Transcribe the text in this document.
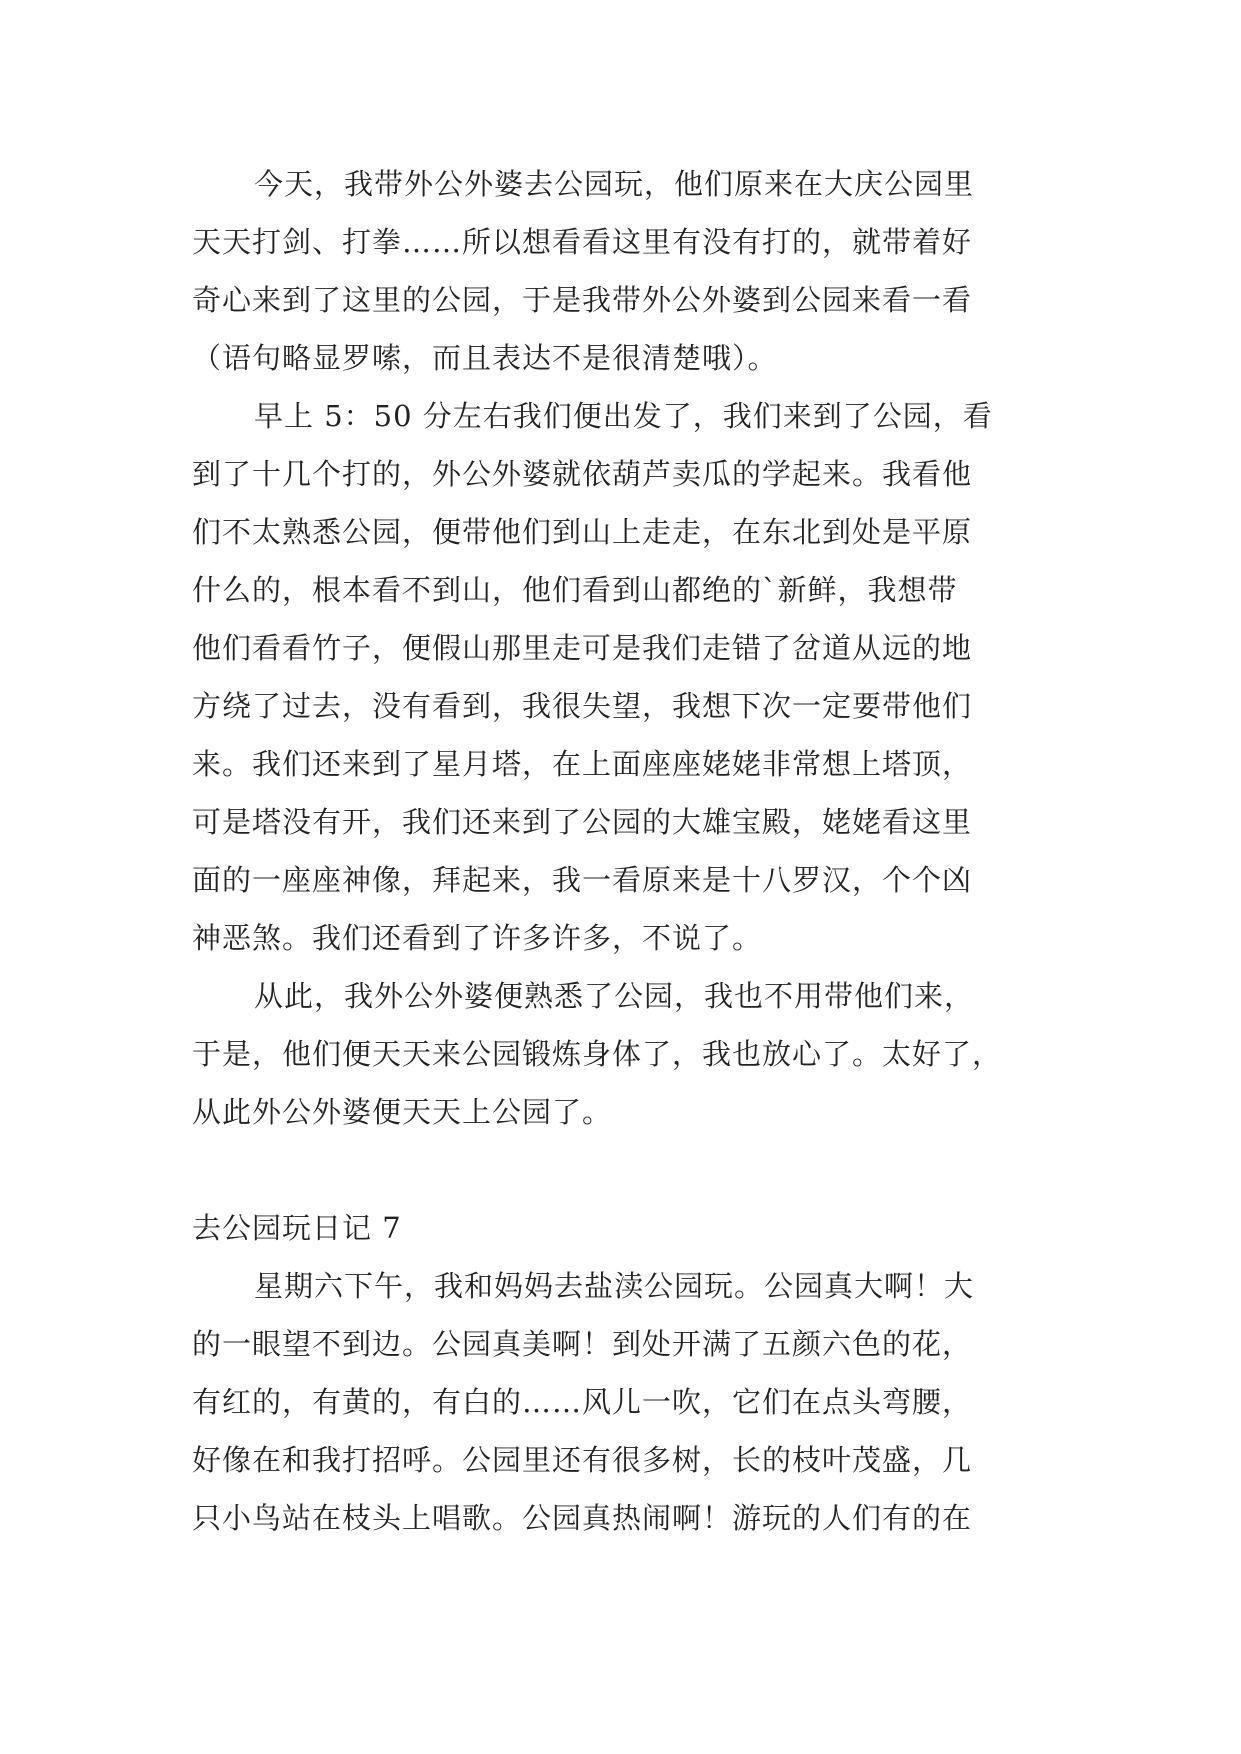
今天，我带外公外婆去公园玩，他们原来在大庆公园里
天天打剑、打拳……所以想看看这里有没有打的，就带着好
奇心来到了这里的公园，于是我带外公外婆到公园来看一看
（语句略显罗嗦，而且表达不是很清楚哦）。
早上 5：50 分左右我们便出发了，我们来到了公园，看
到了十几个打的，外公外婆就依葫芦卖瓜的学起来。我看他
们不太熟悉公园，便带他们到山上走走，在东北到处是平原
什么的，根本看不到山，他们看到山都绝的`新鲜，我想带
他们看看竹子，便假山那里走可是我们走错了岔道从远的地
方绕了过去，没有看到，我很失望，我想下次一定要带他们
来。我们还来到了星月塔，在上面座座姥姥非常想上塔顶，
可是塔没有开，我们还来到了公园的大雄宝殿，姥姥看这里
面的一座座神像，拜起来，我一看原来是十八罗汉，个个凶
神恶煞。我们还看到了许多许多，不说了。
从此，我外公外婆便熟悉了公园，我也不用带他们来，
于是，他们便天天来公园锻炼身体了，我也放心了。太好了，
从此外公外婆便天天上公园了。
去公园玩日记 7
星期六下午，我和妈妈去盐渎公园玩。公园真大啊！大
的一眼望不到边。公园真美啊！到处开满了五颜六色的花，
有红的，有黄的，有白的……风儿一吹，它们在点头弯腰，
好像在和我打招呼。公园里还有很多树，长的枝叶茂盛，几
只小鸟站在枝头上唱歌。公园真热闹啊！游玩的人们有的在
